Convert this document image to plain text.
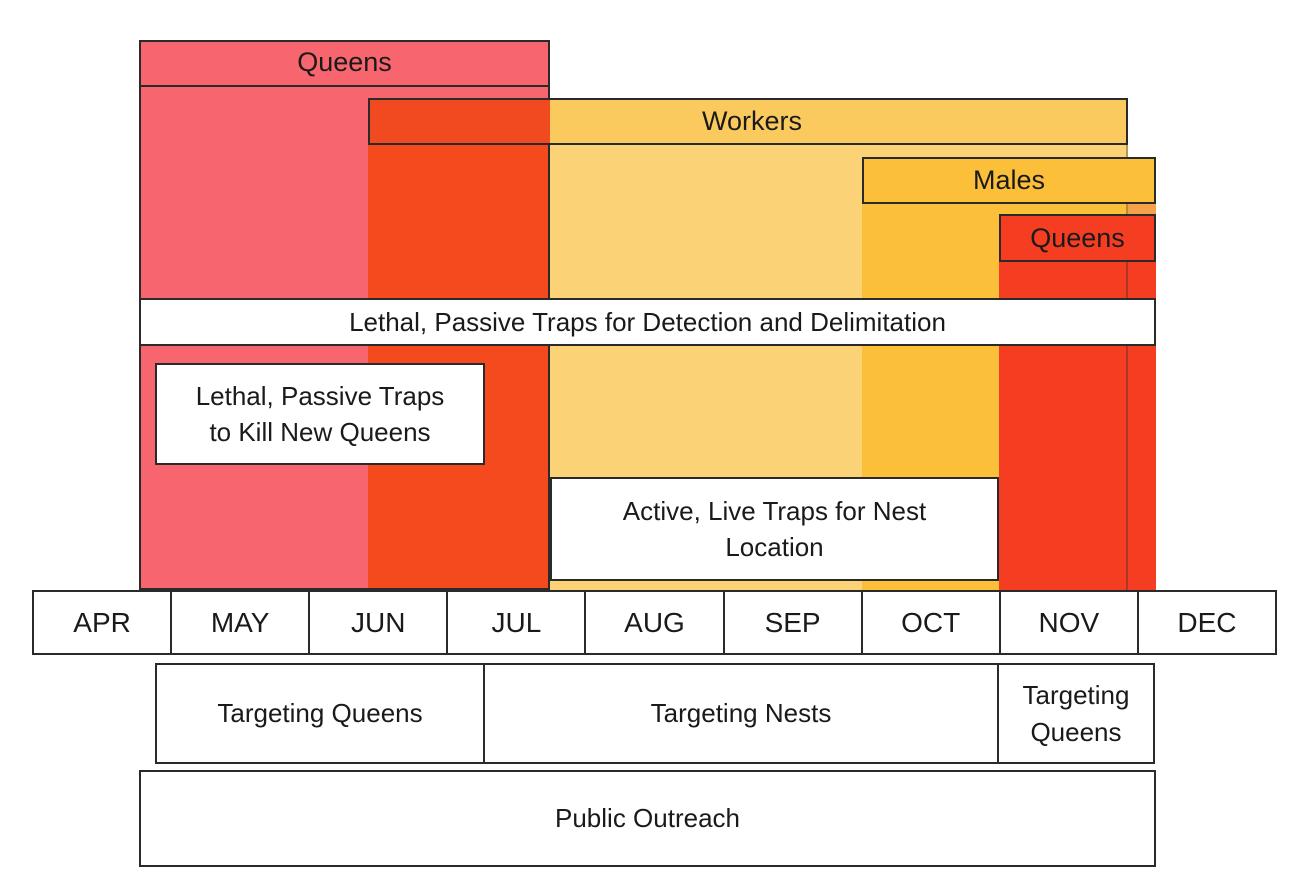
Queens
Workers
Males
Queens
Lethal, Passive Traps for Detection and Delimitation
Lethal, Passive Traps
to Kill New Queens
Active, Live Traps for Nest
Location
APR	MAY	JUN	JUL	AUG	SEP	OCT	NOV	DEC
Targeting Queens	Targeting Nests
Targeting
Queens
Public Outreach
